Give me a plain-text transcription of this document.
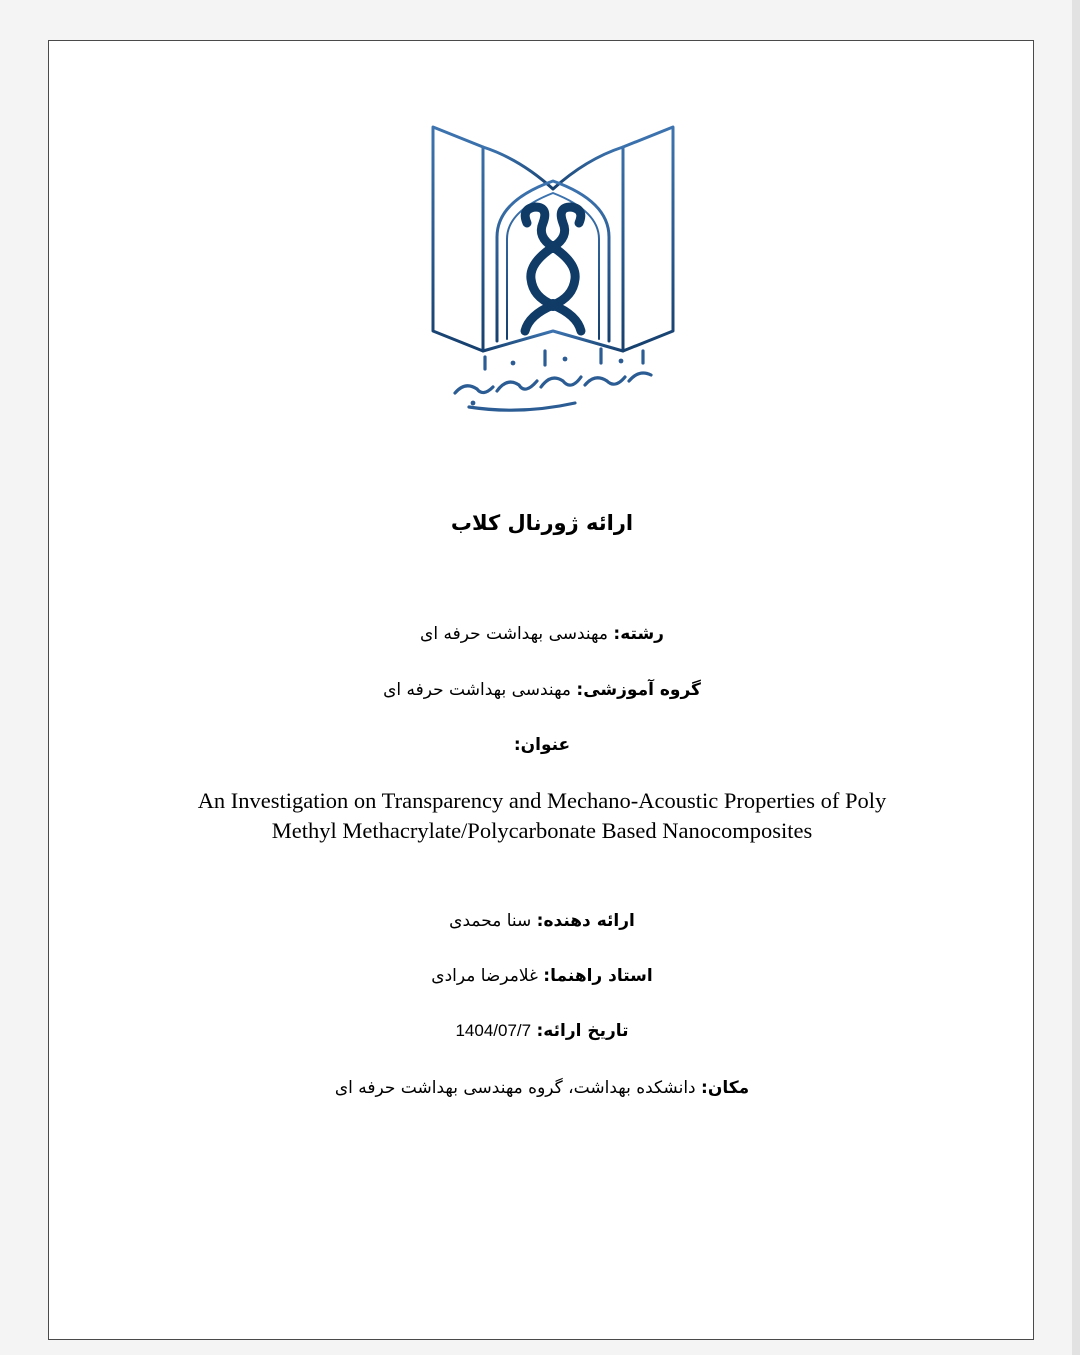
ارائه ژورنال کلاب
رشته: مهندسی بهداشت حرفه ای
گروه آموزشی: مهندسی بهداشت حرفه ای
عنوان:
An Investigation on Transparency and Mechano-Acoustic Properties of Poly
Methyl Methacrylate/Polycarbonate Based Nanocomposites
ارائه دهنده: سنا محمدی
استاد راهنما: غلامرضا مرادی
تاریخ ارائه: 1404/07/7
مکان: دانشکده بهداشت، گروه مهندسی بهداشت حرفه ای
